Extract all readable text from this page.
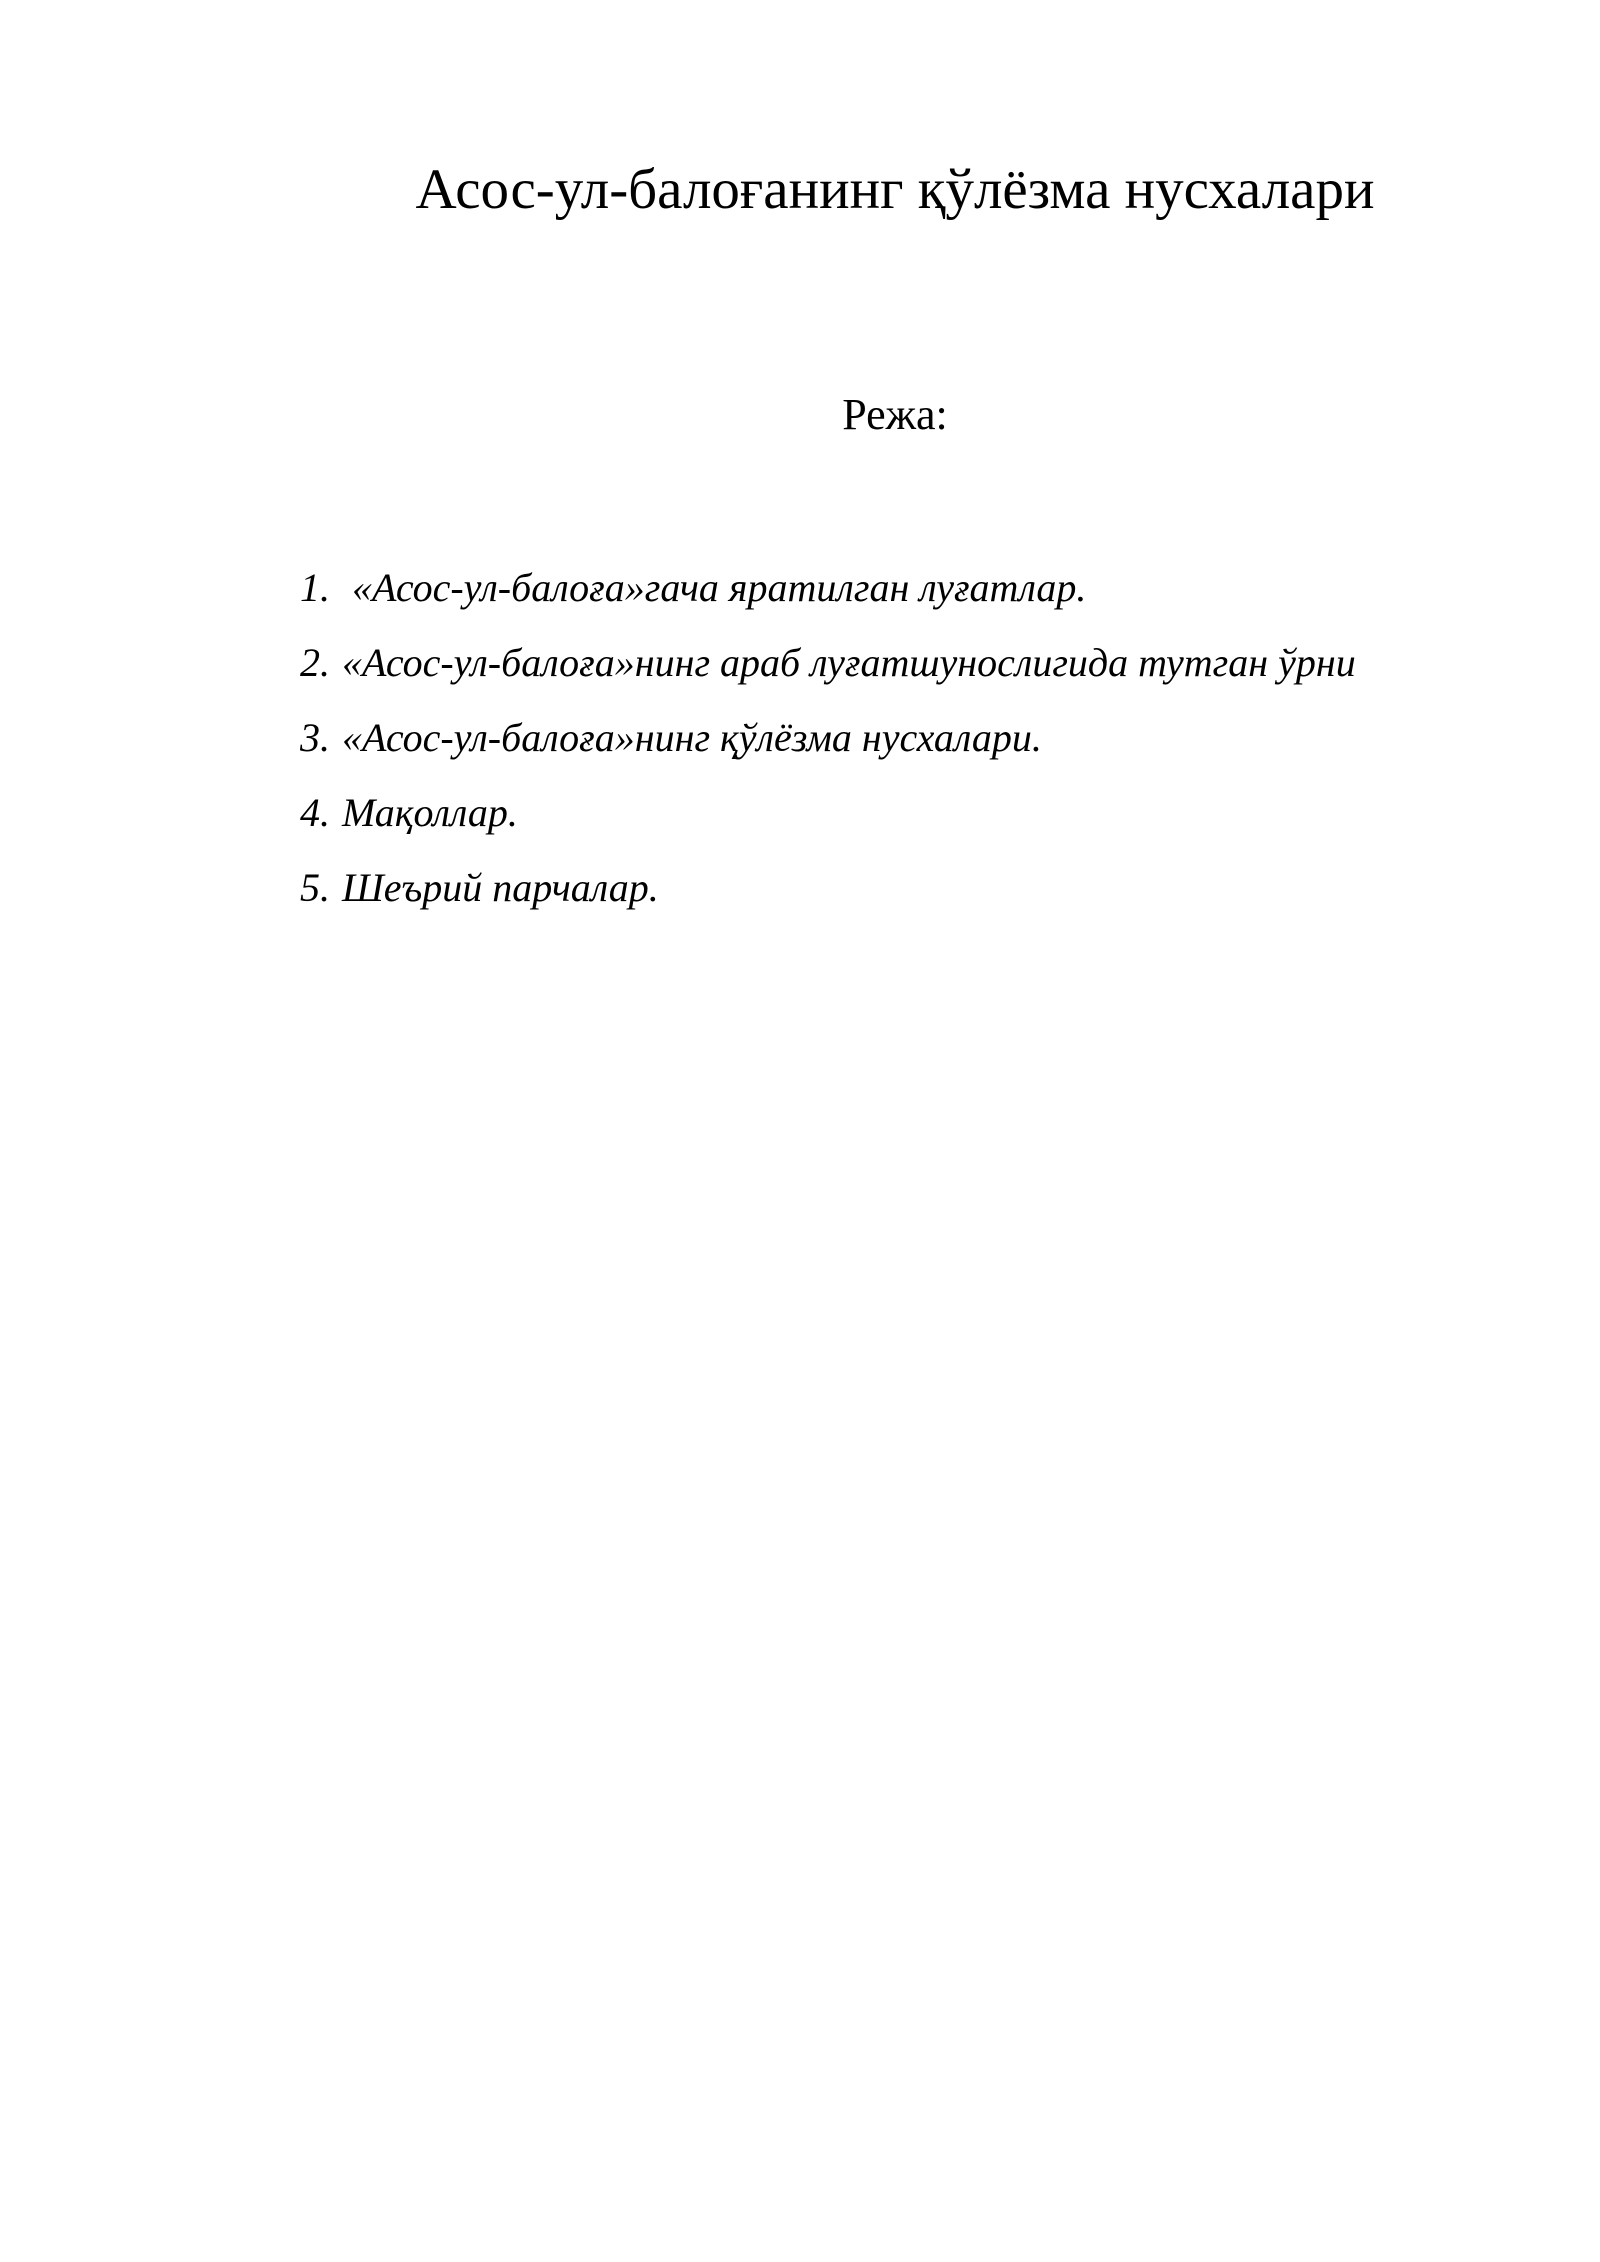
Асос-ул-балоғанинг қўлёзма нусхалари
Режа:
1. «Асос-ул-балоға»гача яратилган луғатлар.
2. «Асос-ул-балоға»нинг араб луғатшунослигида тутган ўрни
3. «Асос-ул-балоға»нинг қўлёзма нусхалари.
4. Мақоллар.
5. Шеърий парчалар.
